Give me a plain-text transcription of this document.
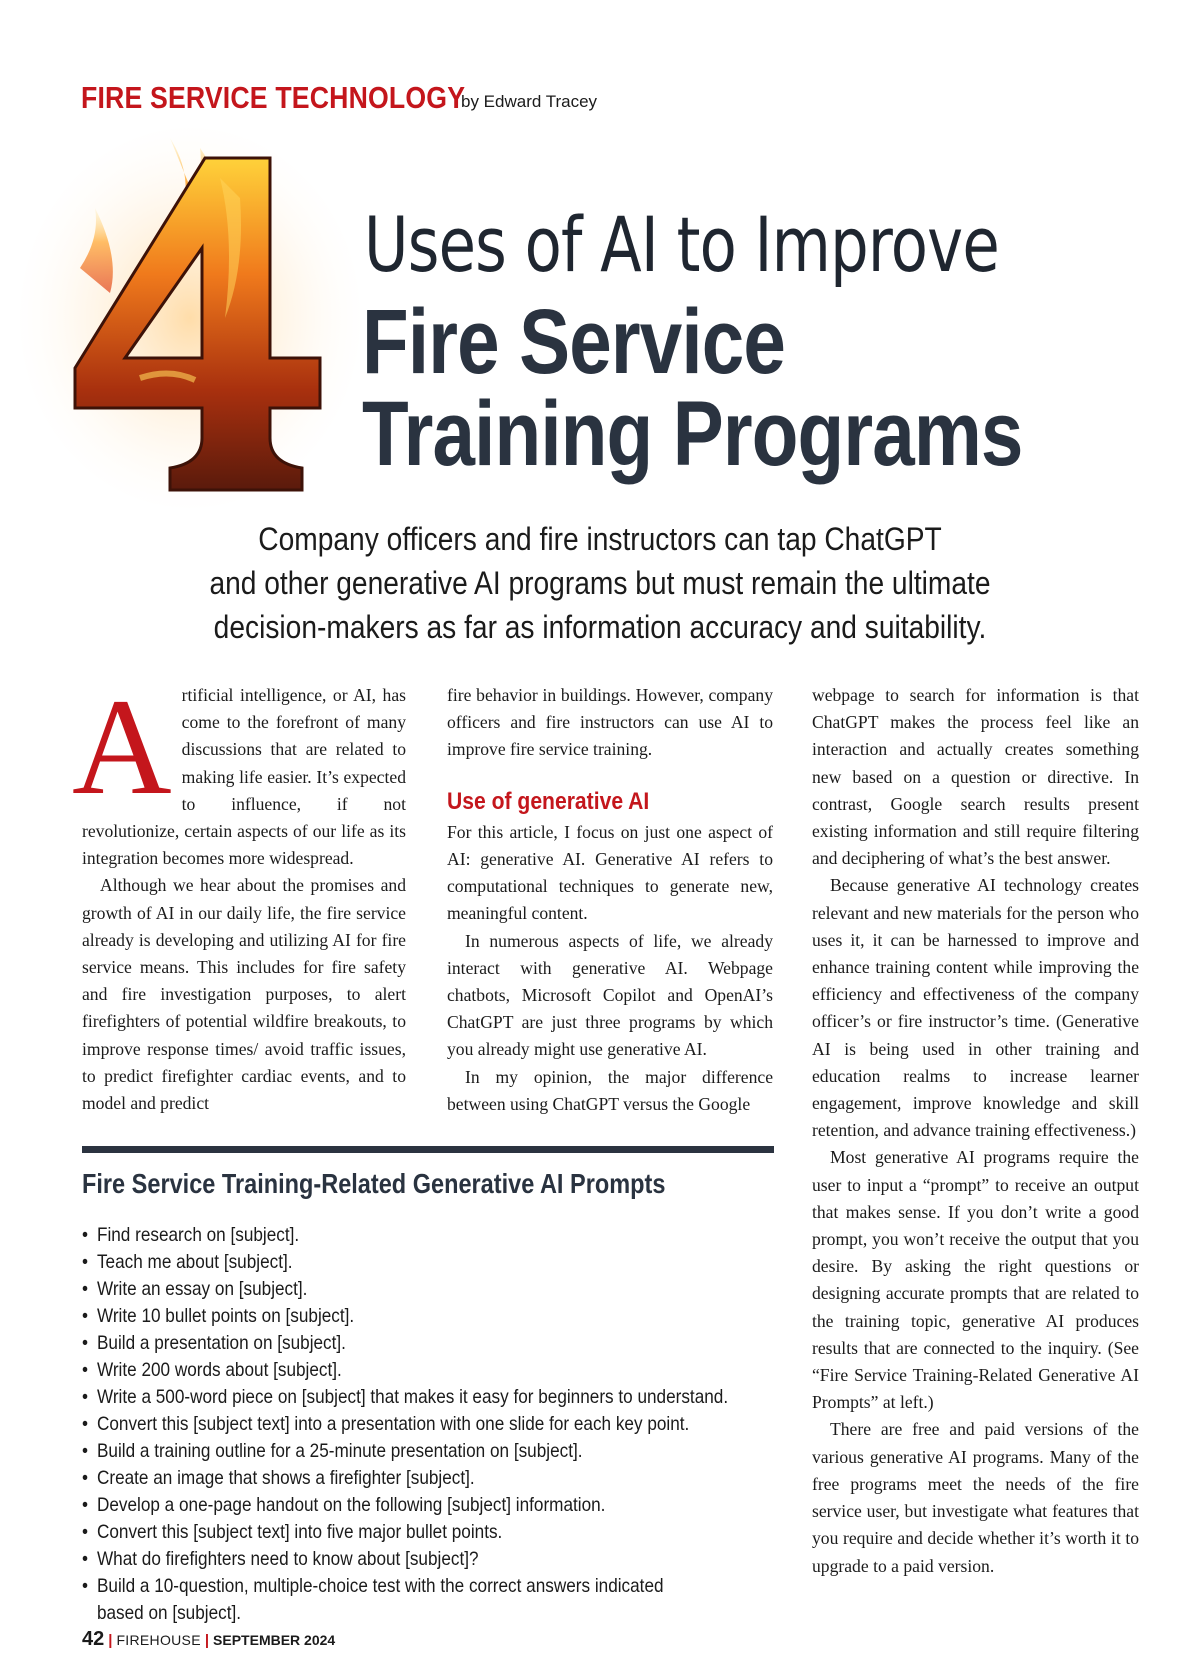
FIRE SERVICE TECHNOLOGY
by Edward Tracey
Uses of AI to Improve
Fire Service
Training Programs
Company officers and fire instructors can tap ChatGPT
and other generative AI programs but must remain the ultimate
decision-makers as far as information accuracy and suitability.

Artificial intelligence, or AI, has come to the forefront of many discussions that are related to making life easier. It’s expected to influence, if not revolutionize, certain aspects of our life as its integration becomes more widespread.

Although we hear about the promises and growth of AI in our daily life, the fire service already is developing and utilizing AI for fire service means. This includes for fire safety and fire investigation purposes, to alert firefighters of potential wildfire breakouts, to improve response times/ avoid traffic issues, to predict firefighter cardiac events, and to model and predict

fire behavior in buildings. However, company officers and fire instructors can use AI to improve fire service training.

Use of generative AI

For this article, I focus on just one aspect of AI: generative AI. Generative AI refers to computational techniques to generate new, meaningful content.

In numerous aspects of life, we already interact with generative AI. Webpage chatbots, Microsoft Copilot and OpenAI’s ChatGPT are just three programs by which you already might use generative AI.

In my opinion, the major difference between using ChatGPT versus the Google

webpage to search for information is that ChatGPT makes the process feel like an interaction and actually creates something new based on a question or directive. In contrast, Google search results present existing information and still require filtering and deciphering of what’s the best answer.

Because generative AI technology creates relevant and new materials for the person who uses it, it can be harnessed to improve and enhance training content while improving the efficiency and effectiveness of the company officer’s or fire instructor’s time. (Generative AI is being used in other training and education realms to increase learner engagement, improve knowledge and skill retention, and advance training effectiveness.)

Most generative AI programs require the user to input a “prompt” to receive an output that makes sense. If you don’t write a good prompt, you won’t receive the output that you desire. By asking the right questions or designing accurate prompts that are related to the training topic, generative AI produces results that are connected to the inquiry. (See “Fire Service Training-Related Generative AI Prompts” at left.)

There are free and paid versions of the various generative AI programs. Many of the free programs meet the needs of the fire service user, but investigate what features that you require and decide whether it’s worth it to upgrade to a paid version.

Fire Service Training-Related Generative AI Prompts
• Find research on [subject].
• Teach me about [subject].
• Write an essay on [subject].
• Write 10 bullet points on [subject].
• Build a presentation on [subject].
• Write 200 words about [subject].
• Write a 500-word piece on [subject] that makes it easy for beginners to understand.
• Convert this [subject text] into a presentation with one slide for each key point.
• Build a training outline for a 25-minute presentation on [subject].
• Create an image that shows a firefighter [subject].
• Develop a one-page handout on the following [subject] information.
• Convert this [subject text] into five major bullet points.
• What do firefighters need to know about [subject]?
• Build a 10-question, multiple-choice test with the correct answers indicated based on [subject].
42 | FIREHOUSE | SEPTEMBER 2024
